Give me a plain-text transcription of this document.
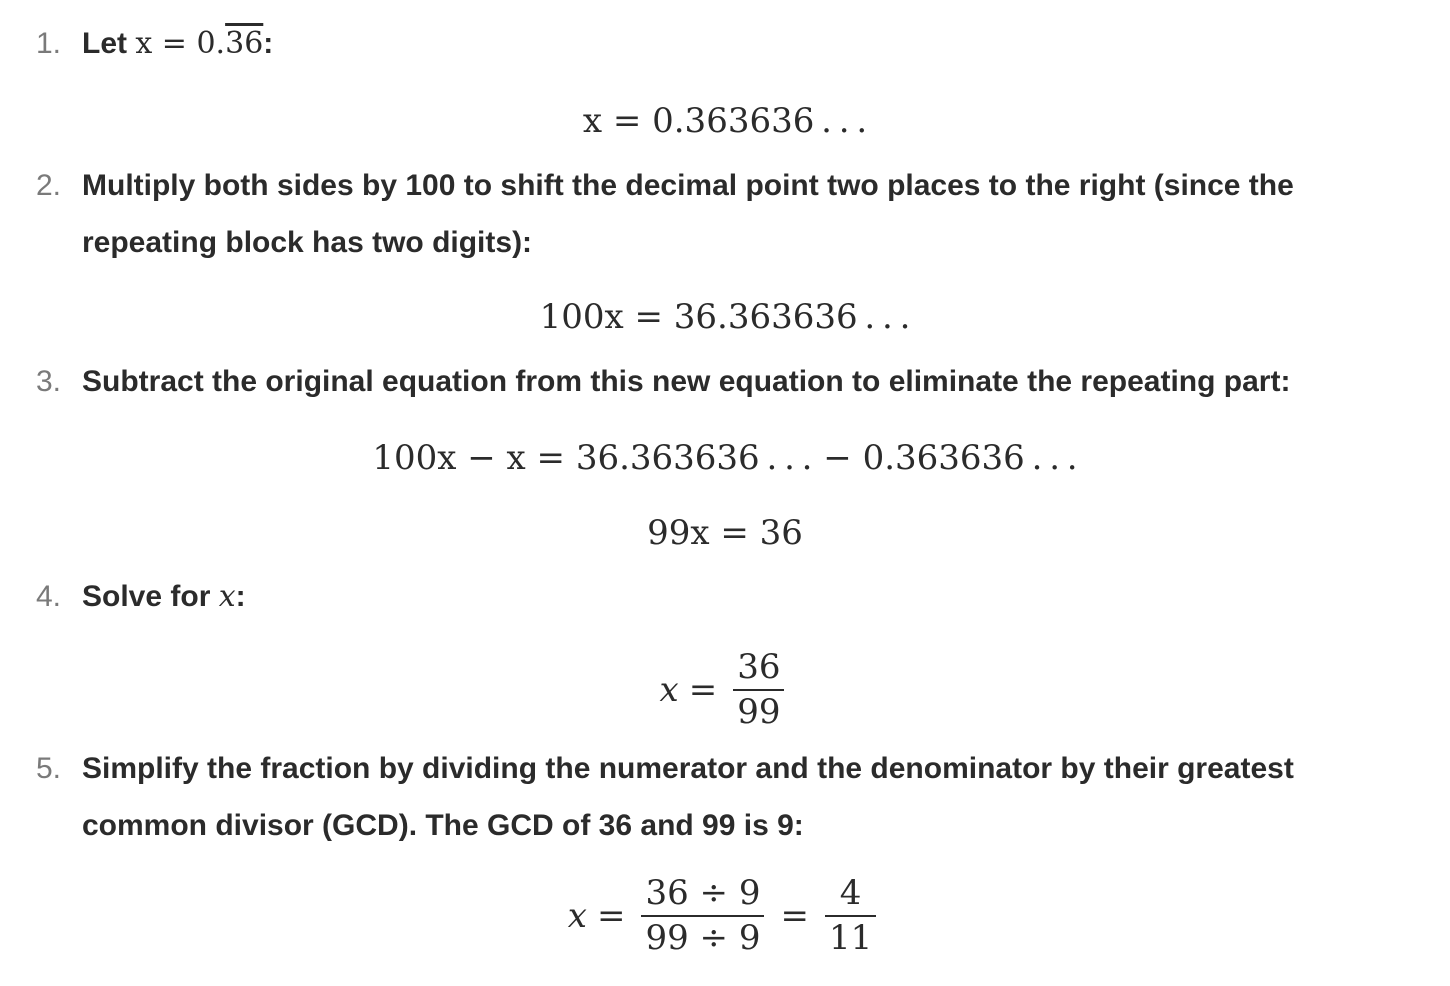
1. Let x = 0.36:
x = 0.363636 . . .
2. Multiply both sides by 100 to shift the decimal point two places to the right (since the
repeating block has two digits):
100x = 36.363636 . . .
3. Subtract the original equation from this new equation to eliminate the repeating part:
100x − x = 36.363636 . . . − 0.363636 . . .
99x = 36
4. Solve for x:
$x = \frac{36}{99}$
5. Simplify the fraction by dividing the numerator and the denominator by their greatest
common divisor (GCD). The GCD of 36 and 99 is 9:
$x = \frac{36 \div 9}{99 \div 9} = \frac{4}{11}$
